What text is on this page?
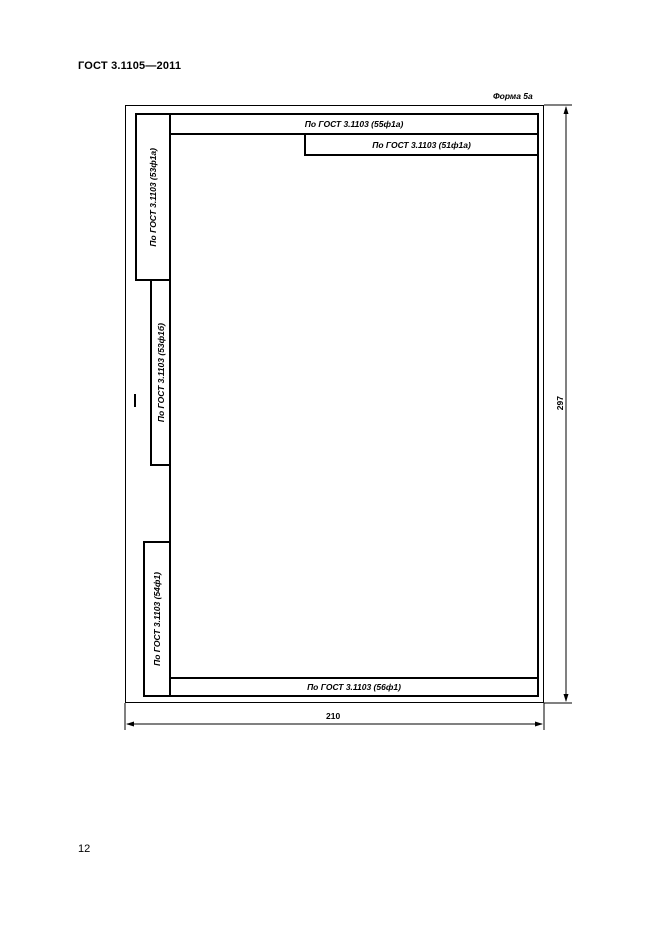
ГОСТ 3.1105—2011
Форма 5а
По ГОСТ 3.1103 (55ф1а)
По ГОСТ 3.1103 (51ф1а)
По ГОСТ 3.1103 (53ф1а)
По ГОСТ 3.1103 (53ф1б)
По ГОСТ 3.1103 (54ф1)
По ГОСТ 3.1103 (56ф1)
210
297
12
